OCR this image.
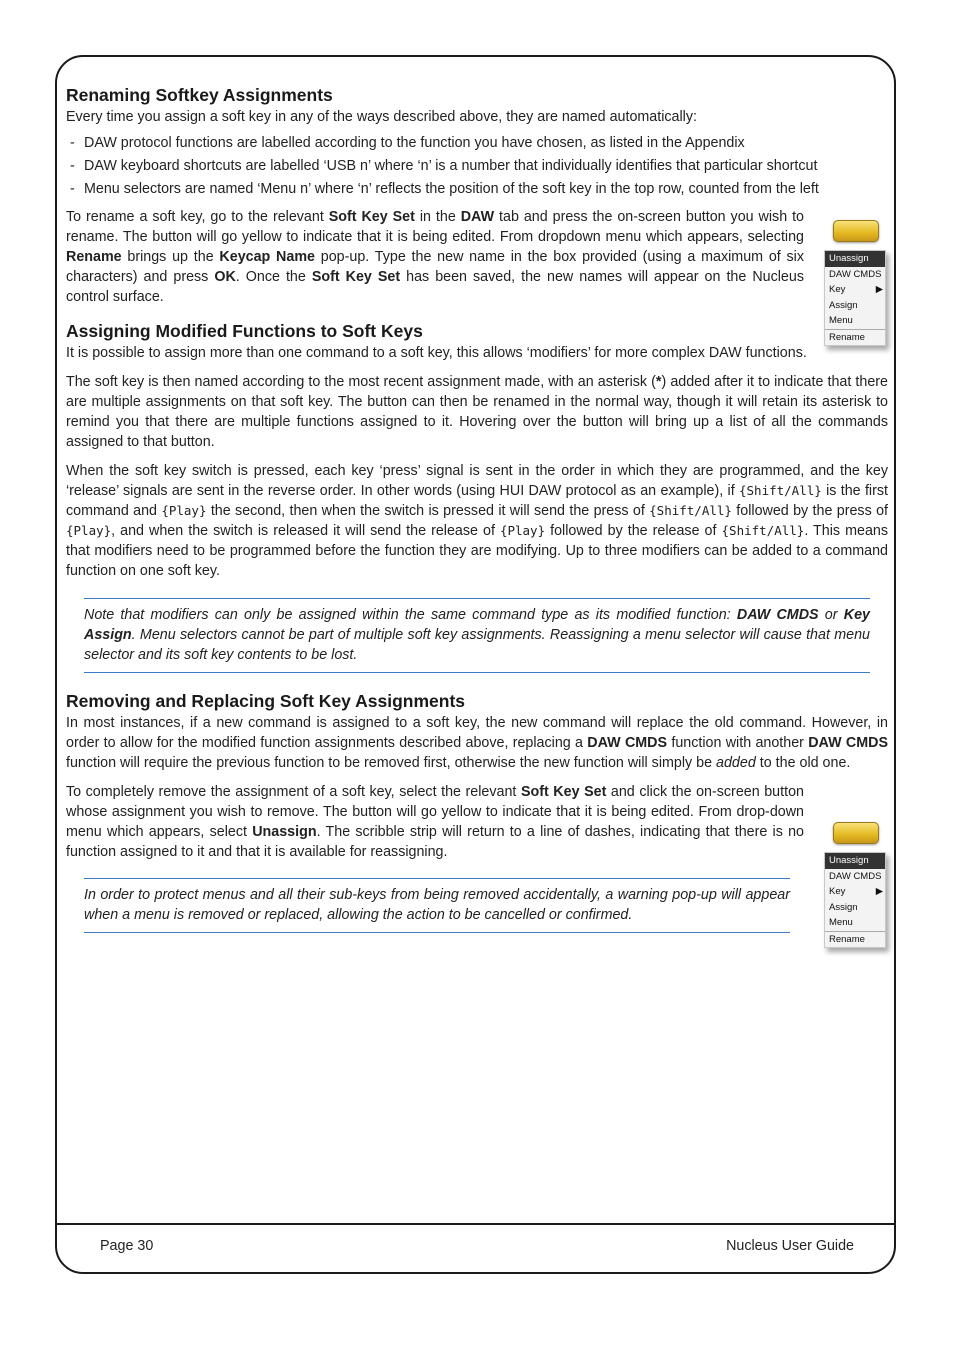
Renaming Softkey Assignments

Every time you assign a soft key in any of the ways described above, they are named automatically:

- DAW protocol functions are labelled according to the function you have chosen, as listed in the Appendix
- DAW keyboard shortcuts are labelled ‘USB n’ where ‘n’ is a number that individually identifies that particular shortcut
- Menu selectors are named ‘Menu n’ where ‘n’ reflects the position of the soft key in the top row, counted from the left

To rename a soft key, go to the relevant Soft Key Set in the DAW tab and press the on-screen button you wish to rename. The button will go yellow to indicate that it is being edited. From dropdown menu which appears, selecting Rename brings up the Keycap Name pop-up. Type the new name in the box provided (using a maximum of six characters) and press OK. Once the Soft Key Set has been saved, the new names will appear on the Nucleus control surface.

Assigning Modified Functions to Soft Keys

It is possible to assign more than one command to a soft key, this allows ‘modifiers’ for more complex DAW functions.

The soft key is then named according to the most recent assignment made, with an asterisk (*) added after it to indicate that there are multiple assignments on that soft key. The button can then be renamed in the normal way, though it will retain its asterisk to remind you that there are multiple functions assigned to it. Hovering over the button will bring up a list of all the commands assigned to that button.

When the soft key switch is pressed, each key ‘press’ signal is sent in the order in which they are programmed, and the key ‘release’ signals are sent in the reverse order. In other words (using HUI DAW protocol as an example), if {Shift/All} is the first command and {Play} the second, then when the switch is pressed it will send the press of {Shift/All} followed by the press of {Play}, and when the switch is released it will send the release of {Play} followed by the release of {Shift/All}. This means that modifiers need to be programmed before the function they are modifying. Up to three modifiers can be added to a command function on one soft key.

Note that modifiers can only be assigned within the same command type as its modified function: DAW CMDS or Key Assign. Menu selectors cannot be part of multiple soft key assignments. Reassigning a menu selector will cause that menu selector and its soft key contents to be lost.
Removing and Replacing Soft Key Assignments

In most instances, if a new command is assigned to a soft key, the new command will replace the old command. However, in order to allow for the modified function assignments described above, replacing a DAW CMDS function with another DAW CMDS function will require the previous function to be removed first, otherwise the new function will simply be added to the old one.

To completely remove the assignment of a soft key, select the relevant Soft Key Set and click the on-screen button whose assignment you wish to remove. The button will go yellow to indicate that it is being edited. From drop-down menu which appears, select Unassign. The scribble strip will return to a line of dashes, indicating that there is no function assigned to it and that it is available for reassigning.

In order to protect menus and all their sub-keys from being removed accidentally, a warning pop-up will appear when a menu is removed or replaced, allowing the action to be cancelled or confirmed.
Unassign
DAW CMDS
▶
Key Assign
Menu
Rename
Unassign
DAW CMDS
▶
Key Assign
Menu
Rename
Page 30	Nucleus User Guide
